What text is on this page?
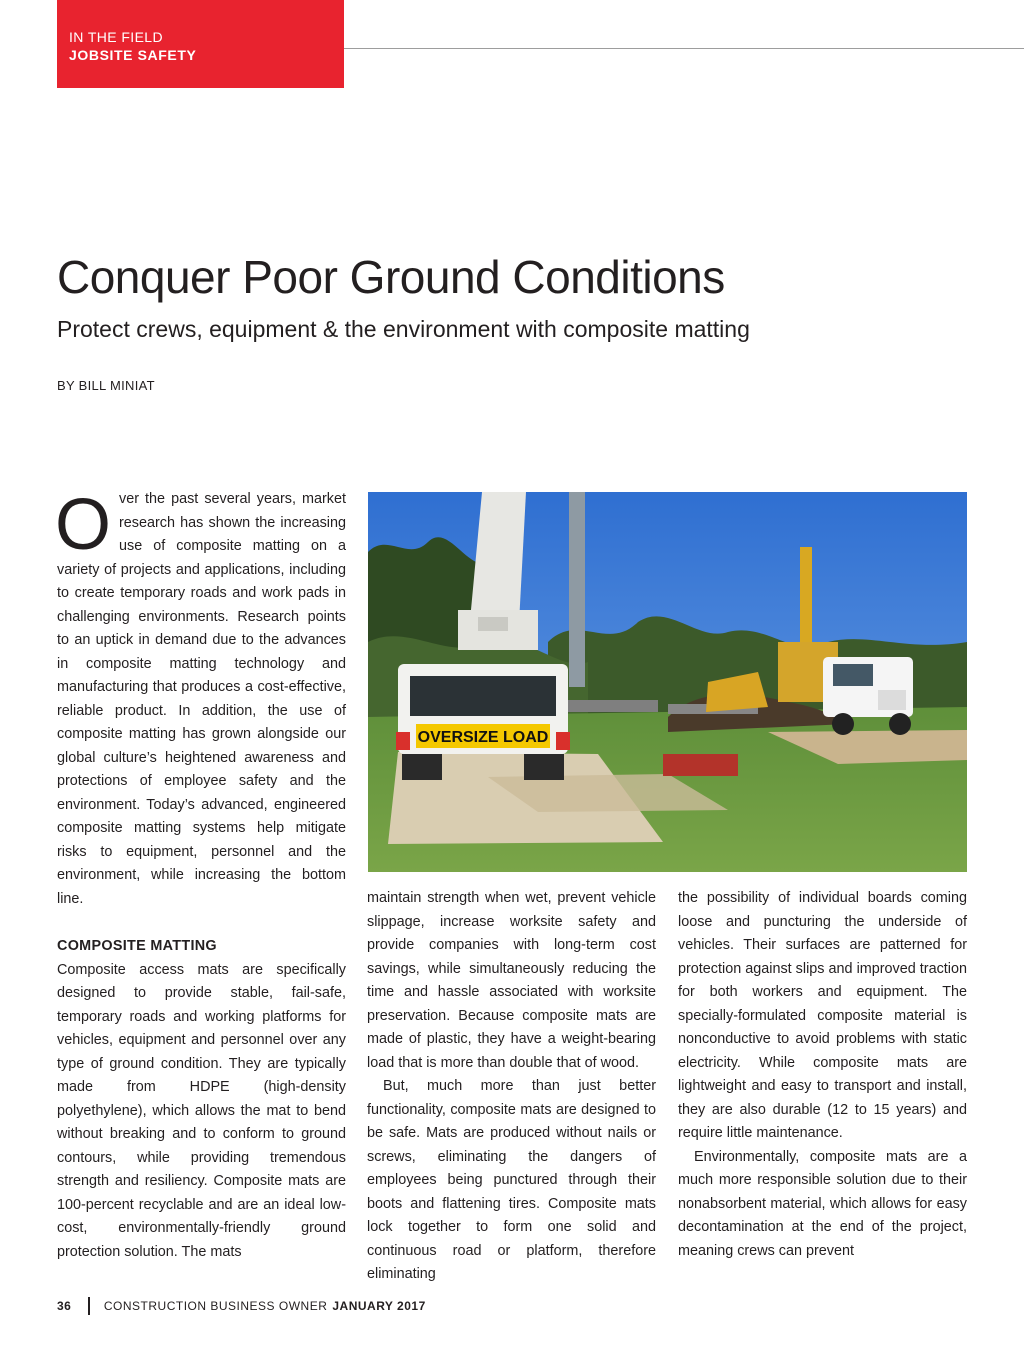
IN THE FIELD
JOBSITE SAFETY
Conquer Poor Ground Conditions
Protect crews, equipment & the environment with composite matting
BY BILL MINIAT

Over the past several years, market research has shown the increasing use of composite matting on a variety of projects and applications, including to create temporary roads and work pads in challenging environments. Research points to an uptick in demand due to the advances in composite matting technology and manufacturing that produces a cost-effective, reliable product. In addition, the use of composite matting has grown alongside our global culture’s heightened awareness and protections of employee safety and the environment. Today’s advanced, engineered composite matting systems help mitigate risks to equipment, personnel and the environment, while increasing the bottom line.

COMPOSITE MATTING

Composite access mats are specifically designed to provide stable, fail-safe, temporary roads and working platforms for vehicles, equipment and personnel over any type of ground condition. They are typically made from HDPE (high-density polyethylene), which allows the mat to bend without breaking and to conform to ground contours, while providing tremendous strength and resiliency. Composite mats are 100-percent recyclable and are an ideal low-cost, environmentally-friendly ground protection solution. The mats

OVERSIZE LOAD

maintain strength when wet, prevent vehicle slippage, increase worksite safety and provide companies with long-term cost savings, while simultaneously reducing the time and hassle associated with worksite preservation. Because composite mats are made of plastic, they have a weight-bearing load that is more than double that of wood.

But, much more than just better functionality, composite mats are designed to be safe. Mats are produced without nails or screws, eliminating the dangers of employees being punctured through their boots and flattening tires. Composite mats lock together to form one solid and continuous road or platform, therefore eliminating

the possibility of individual boards coming loose and puncturing the underside of vehicles. Their surfaces are patterned for protection against slips and improved traction for both workers and equipment. The specially-formulated composite material is nonconductive to avoid problems with static electricity. While composite mats are lightweight and easy to transport and install, they are also durable (12 to 15 years) and require little maintenance.

Environmentally, composite mats are a much more responsible solution due to their nonabsorbent material, which allows for easy decontamination at the end of the project, meaning crews can prevent

36	CONSTRUCTION BUSINESS OWNER JANUARY 2017
